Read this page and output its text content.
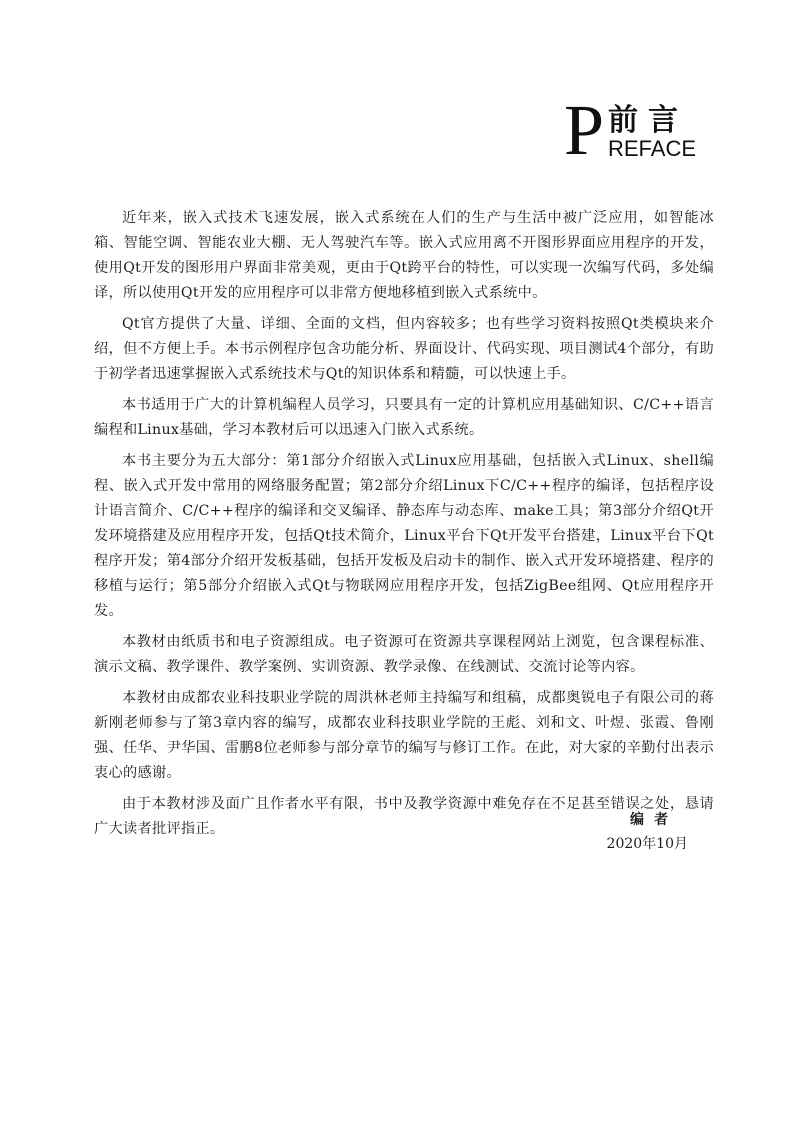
P 前言
REFACE

近年来，嵌入式技术飞速发展，嵌入式系统在人们的生产与生活中被广泛应用，如智能冰箱、智能空调、智能农业大棚、无人驾驶汽车等。嵌入式应用离不开图形界面应用程序的开发，使用Qt开发的图形用户界面非常美观，更由于Qt跨平台的特性，可以实现一次编写代码，多处编译，所以使用Qt开发的应用程序可以非常方便地移植到嵌入式系统中。

Qt官方提供了大量、详细、全面的文档，但内容较多；也有些学习资料按照Qt类模块来介绍，但不方便上手。本书示例程序包含功能分析、界面设计、代码实现、项目测试4个部分，有助于初学者迅速掌握嵌入式系统技术与Qt的知识体系和精髓，可以快速上手。

本书适用于广大的计算机编程人员学习，只要具有一定的计算机应用基础知识、C/C++语言编程和Linux基础，学习本教材后可以迅速入门嵌入式系统。

本书主要分为五大部分：第1部分介绍嵌入式Linux应用基础，包括嵌入式Linux、shell编程、嵌入式开发中常用的网络服务配置；第2部分介绍Linux下C/C++程序的编译，包括程序设计语言简介、C/C++程序的编译和交叉编译、静态库与动态库、make工具；第3部分介绍Qt开发环境搭建及应用程序开发，包括Qt技术简介，Linux平台下Qt开发平台搭建，Linux平台下Qt程序开发；第4部分介绍开发板基础，包括开发板及启动卡的制作、嵌入式开发环境搭建、程序的移植与运行；第5部分介绍嵌入式Qt与物联网应用程序开发，包括ZigBee组网、Qt应用程序开发。

本教材由纸质书和电子资源组成。电子资源可在资源共享课程网站上浏览，包含课程标准、演示文稿、教学课件、教学案例、实训资源、教学录像、在线测试、交流讨论等内容。

本教材由成都农业科技职业学院的周洪林老师主持编写和组稿，成都奥锐电子有限公司的蒋新刚老师参与了第3章内容的编写，成都农业科技职业学院的王彪、刘和文、叶煜、张霞、鲁刚强、任华、尹华国、雷鹏8位老师参与部分章节的编写与修订工作。在此，对大家的辛勤付出表示衷心的感谢。

由于本教材涉及面广且作者水平有限，书中及教学资源中难免存在不足甚至错误之处，恳请广大读者批评指正。

编者
2020年10月
